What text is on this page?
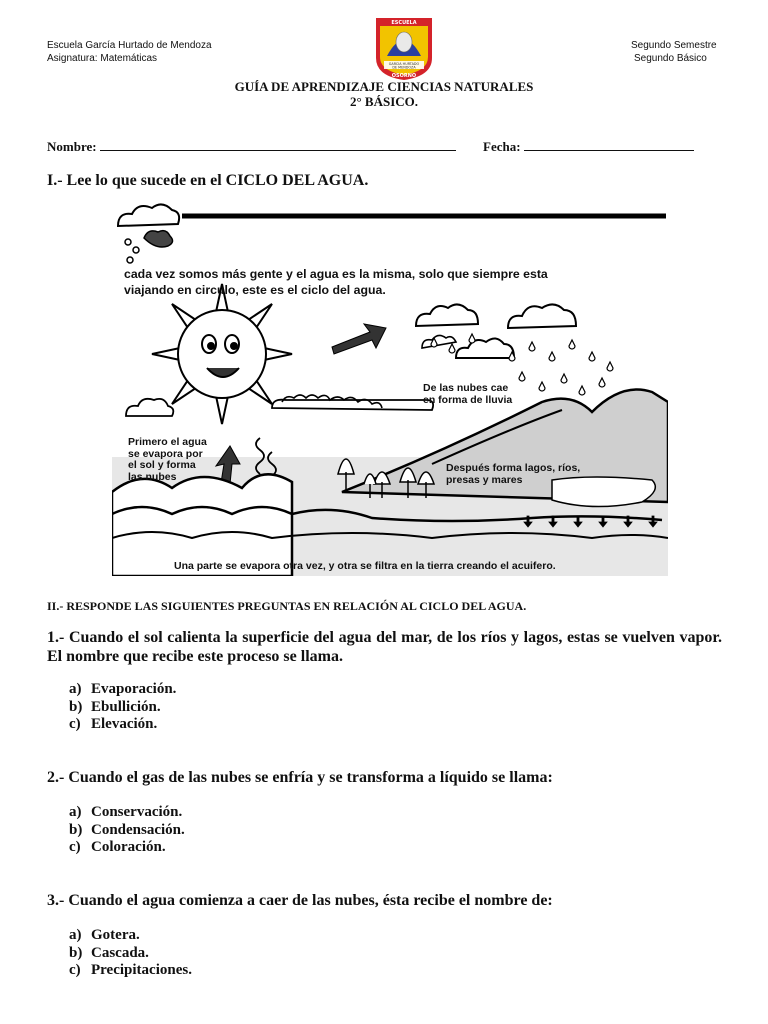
Escuela García Hurtado de Mendoza
Asignatura: Matemáticas
Segundo Semestre
Segundo Básico
ESCUELA
GARCIA HURTADO
DE MENDOZA
OSORNO
GUÍA DE APRENDIZAJE CIENCIAS NATURALES
2° BÁSICO.
Nombre:	Fecha:
I.- Lee lo que sucede en el CICLO DEL AGUA.
cada vez somos más gente y el agua es la misma, solo que siempre esta
viajando en circulo, este es el ciclo del agua.
Primero el agua
se evapora por
el sol y forma
las nubes
De las nubes cae
en forma de lluvia
Después forma lagos, ríos,
presas y mares
Una parte se evapora otra vez, y otra se filtra en la tierra creando el acuifero.
II.- RESPONDE LAS SIGUIENTES PREGUNTAS EN RELACIÓN AL CICLO DEL AGUA.
1.- Cuando el sol calienta la superficie del agua del mar, de los ríos y lagos, estas se vuelven vapor. El nombre que recibe este proceso se llama.
a) Evaporación.
b) Ebullición.
c) Elevación.
2.- Cuando el gas de las nubes se enfría y se transforma a líquido se llama:
a) Conservación.
b) Condensación.
c) Coloración.
3.- Cuando el agua comienza a caer de las nubes, ésta recibe el nombre de:
a) Gotera.
b) Cascada.
c) Precipitaciones.
